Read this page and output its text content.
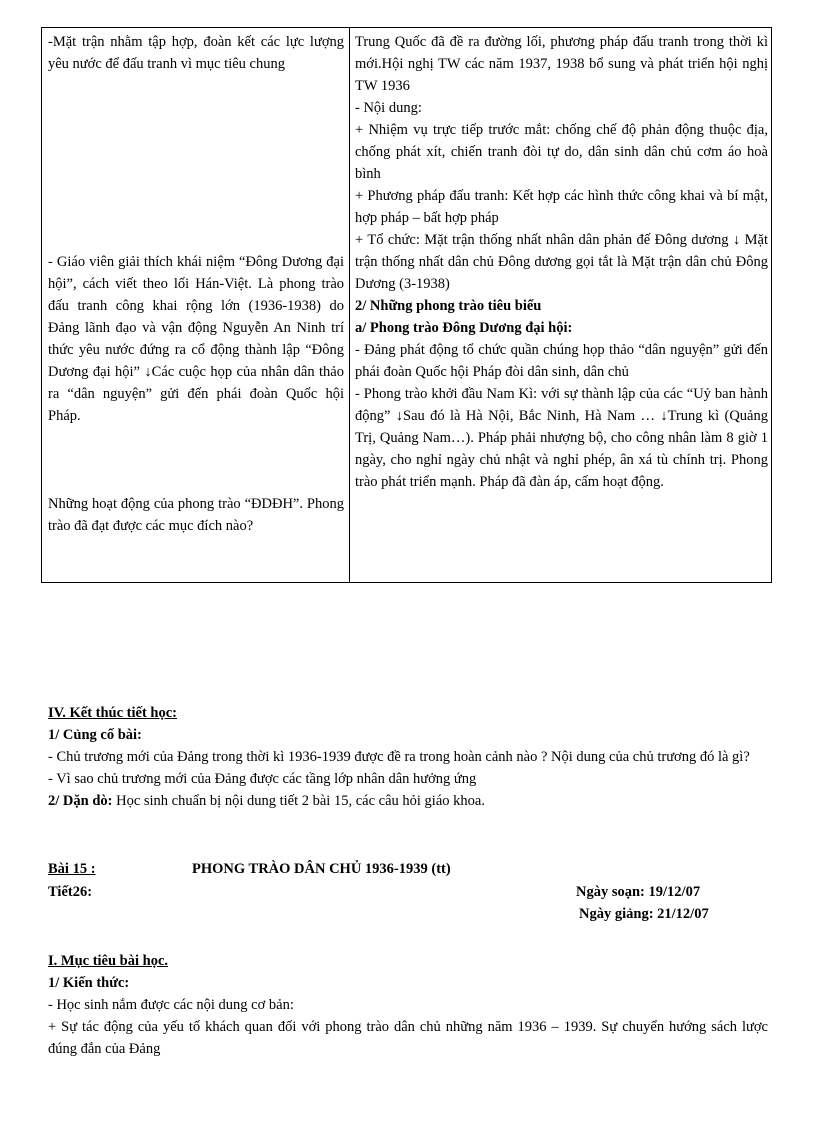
-Mặt trận nhằm tập hợp, đoàn kết các lực lượng yêu nước để đấu tranh vì mục tiêu chung
- Giáo viên giải thích khái niệm “Đông Dương đại hội”, cách viết theo lối Hán-Việt. Là phong trào đấu tranh công khai rộng lớn (1936-1938) do Đảng lãnh đạo và vận động Nguyễn An Ninh trí thức yêu nước đứng ra cổ động thành lập “Đông Dương đại hội” ↓Các cuộc họp của nhân dân thảo ra “dân nguyện” gửi đến phái đoàn Quốc hội Pháp.
Những hoạt động của phong trào “ĐDĐH”. Phong trào đã đạt được các mục đích nào?

Trung Quốc đã đề ra đường lối, phương pháp đấu tranh trong thời kì mới.Hội nghị TW các năm 1937, 1938 bổ sung và phát triển hội nghị TW 1936

- Nội dung:

+ Nhiệm vụ trực tiếp trước mắt: chống chế độ phản động thuộc địa, chống phát xít, chiến tranh đòi tự do, dân sinh dân chủ cơm áo hoà bình

+ Phương pháp đấu tranh: Kết hợp các hình thức công khai và bí mật, hợp pháp – bất hợp pháp

+ Tổ chức: Mặt trận thống nhất nhân dân phản đế Đông dương ↓ Mặt trận thống nhất dân chủ Đông dương gọi tắt là Mặt trận dân chủ Đông Dương (3-1938)

2/ Những phong trào tiêu biểu

a/ Phong trào Đông Dương đại hội:

- Đảng phát động tổ chức quần chúng họp thảo “dân nguyện” gửi đến phái đoàn Quốc hội Pháp đòi dân sinh, dân chủ

- Phong trào khởi đầu Nam Kì: với sự thành lập của các “Uỷ ban hành động” ↓Sau đó là Hà Nội, Bắc Ninh, Hà Nam … ↓Trung kì (Quảng Trị, Quảng Nam…). Pháp phải nhượng bộ, cho công nhân làm 8 giờ 1 ngày, cho nghỉ ngày chủ nhật và nghỉ phép, ân xá tù chính trị. Phong trào phát triển mạnh. Pháp đã đàn áp, cấm hoạt động.

IV. Kết thúc tiết học:

1/ Củng cố bài:

- Chủ trương mới của Đảng trong thời kì 1936-1939 được đề ra trong hoàn cảnh nào ? Nội dung của chủ trương đó là gì?

- Vì sao chủ trương mới của Đảng được các tầng lớp nhân dân hưởng ứng

2/ Dặn dò: Học sinh chuẩn bị nội dung tiết 2 bài 15, các câu hỏi giáo khoa.

Bài 15 :	PHONG TRÀO DÂN CHỦ 1936-1939 (tt)
Tiết26:	Ngày soạn: 19/12/07
Ngày giảng: 21/12/07

I. Mục tiêu bài học.

1/ Kiến thức:

- Học sinh nắm được các nội dung cơ bản:

+ Sự tác động của yếu tố khách quan đối với phong trào dân chủ những năm 1936 – 1939. Sự chuyển hướng sách lược đúng đắn của Đảng
